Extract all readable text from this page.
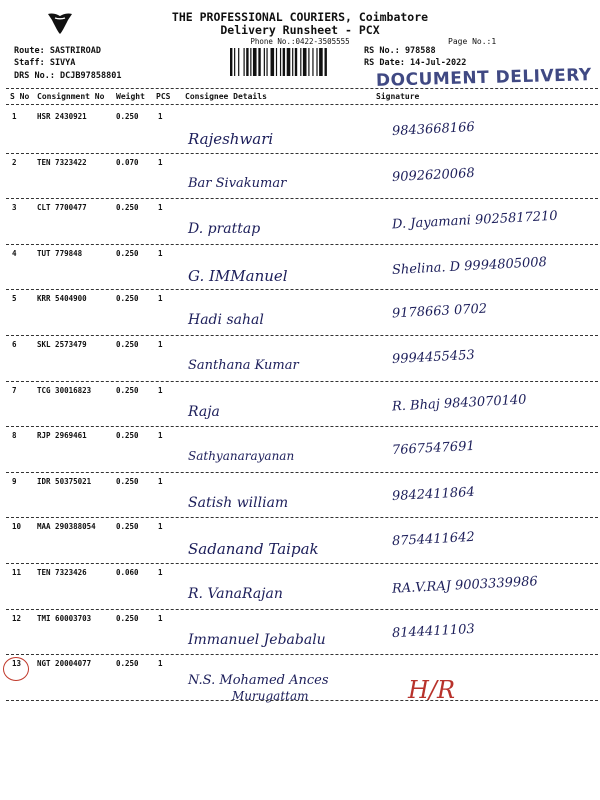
THE PROFESSIONAL COURIERS, Coimbatore
Delivery Runsheet - PCX
Phone No.:0422-3505555	Page No.:1
Route: SASTRIROAD
Staff: SIVYA
DRS No.: DCJB97858801
RS No.: 978588
RS Date: 14-Jul-2022
DOCUMENT DELIVERY
S No Consignment No Weight PCS Consignee Details	Signature
1	HSR 2430921	0.250	1
Rajeshwari	9843668166
2	TEN 7323422	0.070	1
Bar Sivakumar	9092620068
3	CLT 7700477	0.250	1
D. prattap	D. Jayamani 9025817210
4	TUT 779848	0.250	1
G. IMManuel	Shelina. D 9994805008
5	KRR 5404900	0.250	1
Hadi sahal	9178663 0702
6	SKL 2573479	0.250	1
Santhana Kumar	9994455453
7	TCG 30016823	0.250	1
Raja	R. Bhaj 9843070140
8	RJP 2969461	0.250	1
Sathyanarayanan	7667547691
9	IDR 50375021	0.250	1
Satish william	9842411864
10 MAA 290388054	0.250	1
Sadanand Taipak	8754411642
11 TEN 7323426	0.060	1
R. VanaRajan	RA.V.RAJ 9003339986
12 TMI 60003703	0.250	1
Immanuel Jebabalu	8144411103
13 NGT 20004077	0.250	1
N.S. Mohamed Ances
Murugattam	H/R
